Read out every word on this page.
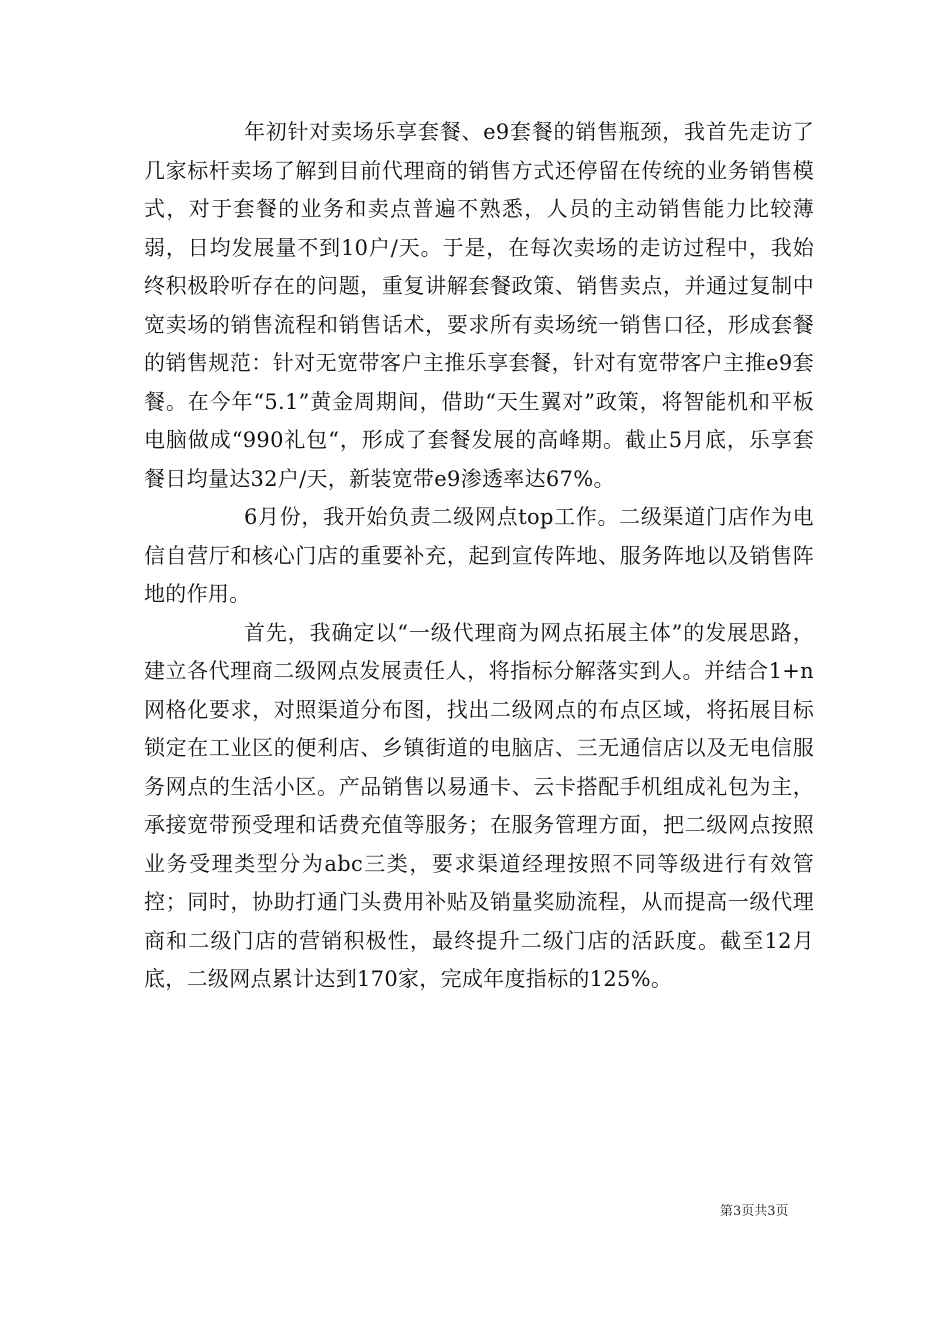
年初针对卖场乐享套餐、e9套餐的销售瓶颈，我首先走访了几家标杆卖场了解到目前代理商的销售方式还停留在传统的业务销售模式，对于套餐的业务和卖点普遍不熟悉，人员的主动销售能力比较薄弱，日均发展量不到10户/天。于是，在每次卖场的走访过程中，我始终积极聆听存在的问题，重复讲解套餐政策、销售卖点，并通过复制中宽卖场的销售流程和销售话术，要求所有卖场统一销售口径，形成套餐的销售规范：针对无宽带客户主推乐享套餐，针对有宽带客户主推e9套餐。在今年“5.1”黄金周期间，借助“天生翼对”政策，将智能机和平板电脑做成“990礼包“，形成了套餐发展的高峰期。截止5月底，乐享套餐日均量达32户/天，新装宽带e9渗透率达67%。

6月份，我开始负责二级网点top工作。二级渠道门店作为电信自营厅和核心门店的重要补充，起到宣传阵地、服务阵地以及销售阵地的作用。

首先，我确定以“一级代理商为网点拓展主体”的发展思路，建立各代理商二级网点发展责任人，将指标分解落实到人。并结合1+n网格化要求，对照渠道分布图，找出二级网点的布点区域，将拓展目标锁定在工业区的便利店、乡镇街道的电脑店、三无通信店以及无电信服务网点的生活小区。产品销售以易通卡、云卡搭配手机组成礼包为主，承接宽带预受理和话费充值等服务；在服务管理方面，把二级网点按照业务受理类型分为abc三类，要求渠道经理按照不同等级进行有效管控；同时，协助打通门头费用补贴及销量奖励流程，从而提高一级代理商和二级门店的营销积极性，最终提升二级门店的活跃度。截至12月底，二级网点累计达到170家，完成年度指标的125%。

第3页共3页
